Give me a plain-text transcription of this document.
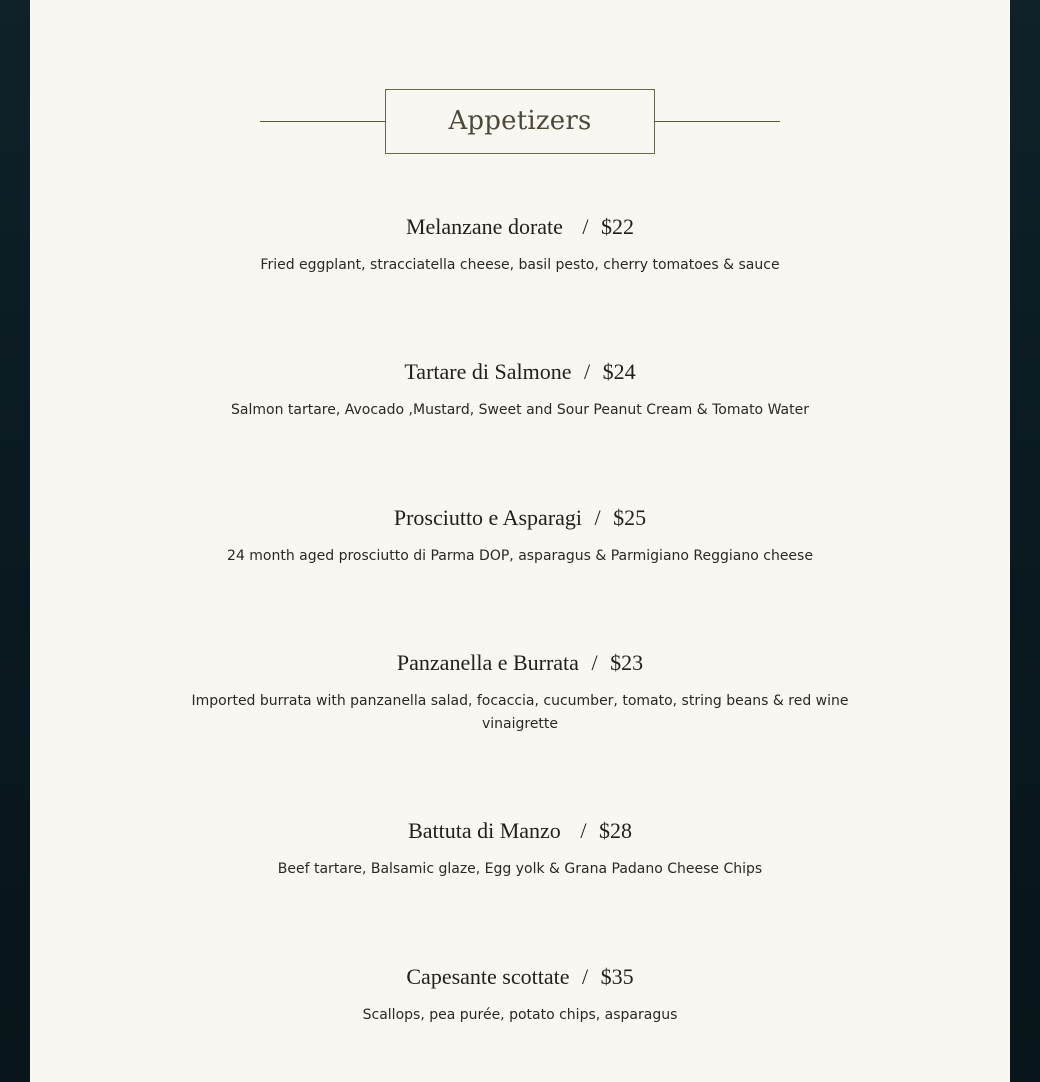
Appetizers
Melanzane dorate / $22
Fried eggplant, stracciatella cheese, basil pesto, cherry tomatoes & sauce
Tartare di Salmone / $24
Salmon tartare, Avocado ,Mustard, Sweet and Sour Peanut Cream & Tomato Water
Prosciutto e Asparagi / $25
24 month aged prosciutto di Parma DOP, asparagus & Parmigiano Reggiano cheese
Panzanella e Burrata / $23
Imported burrata with panzanella salad, focaccia, cucumber, tomato, string beans & red wine vinaigrette
Battuta di Manzo / $28
Beef tartare, Balsamic glaze, Egg yolk & Grana Padano Cheese Chips
Capesante scottate / $35
Scallops, pea purée, potato chips, asparagus
